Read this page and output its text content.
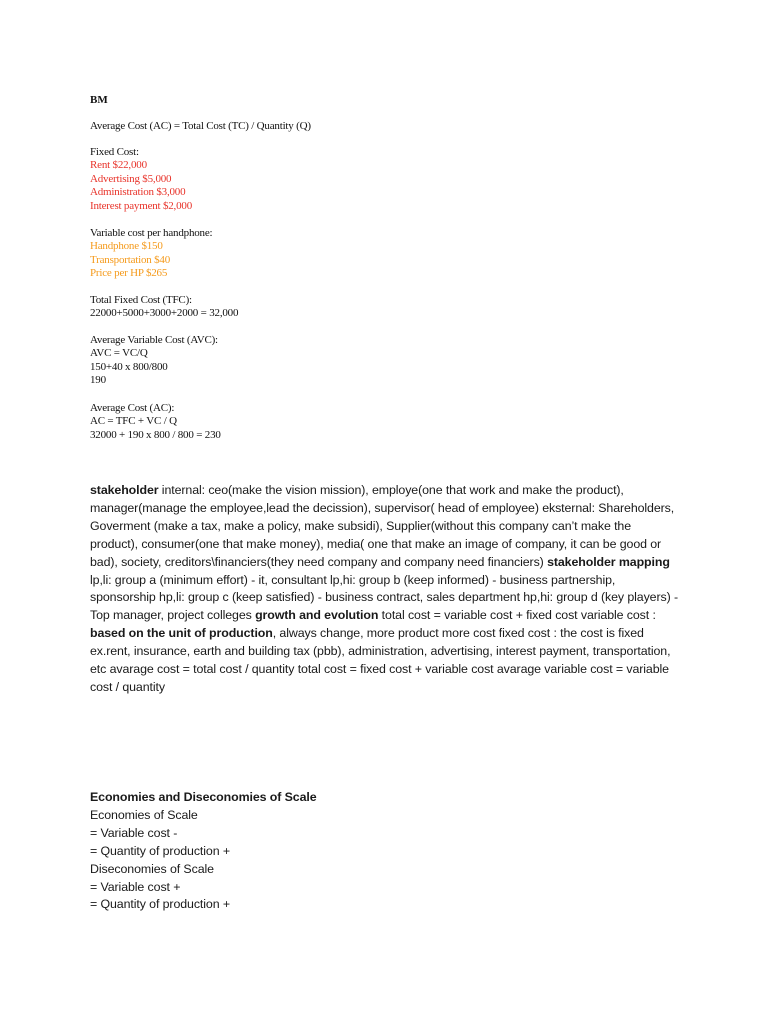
BM
Average Cost (AC) = Total Cost (TC) / Quantity (Q)
Fixed Cost:
Rent $22,000
Advertising $5,000
Administration $3,000
Interest payment $2,000
Variable cost per handphone:
Handphone $150
Transportation $40
Price per HP $265
Total Fixed Cost (TFC):
22000+5000+3000+2000 = 32,000
Average Variable Cost (AVC):
AVC = VC/Q
150+40 x 800/800
190
Average Cost (AC):
AC = TFC + VC / Q
32000 + 190 x 800 / 800 = 230
stakeholder internal: ceo(make the vision mission), employe(one that work and make the product), manager(manage the employee,lead the decission), supervisor( head of employee) eksternal: Shareholders, Goverment (make a tax, make a policy, make subsidi), Supplier(without this company can’t make the product), consumer(one that make money), media( one that make an image of company, it can be good or bad), society, creditors\financiers(they need company and company need financiers) stakeholder mapping lp,li: group a (minimum effort) - it, consultant lp,hi: group b (keep informed) - business partnership, sponsorship hp,li: group c (keep satisfied) - business contract, sales department hp,hi: group d (key players) - Top manager, project colleges growth and evolution total cost = variable cost + fixed cost variable cost : based on the unit of production, always change, more product more cost fixed cost : the cost is fixed ex.rent, insurance, earth and building tax (pbb), administration, advertising, interest payment, transportation, etc avarage cost = total cost / quantity total cost = fixed cost + variable cost avarage variable cost = variable cost / quantity
Economies and Diseconomies of Scale
Economies of Scale
= Variable cost -
= Quantity of production +
Diseconomies of Scale
= Variable cost +
= Quantity of production +
